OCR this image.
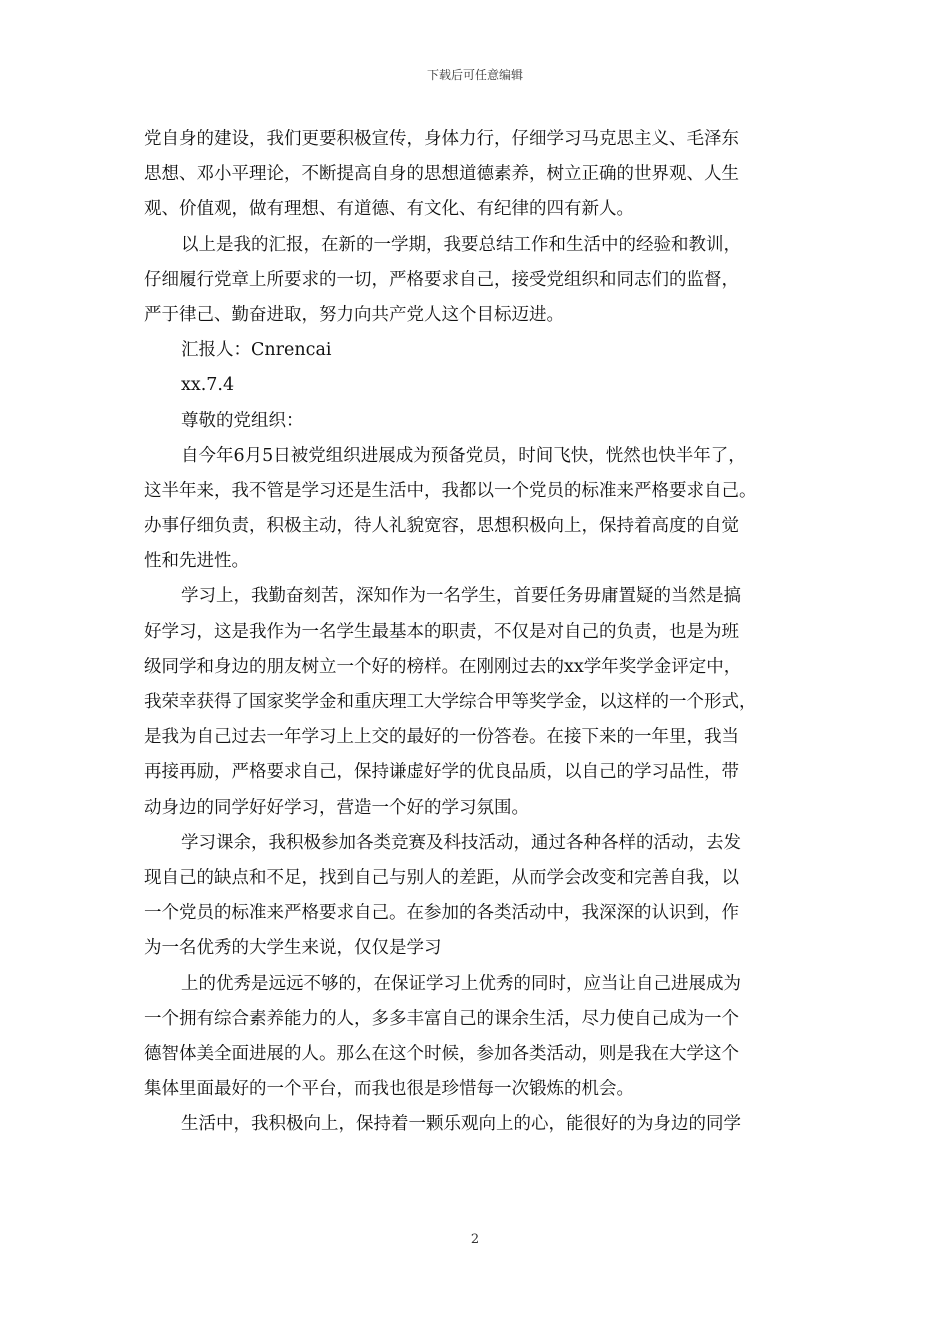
下载后可任意编辑
党自身的建设，我们更要积极宣传，身体力行，仔细学习马克思主义、毛泽东
思想、邓小平理论，不断提高自身的思想道德素养，树立正确的世界观、人生
观、价值观，做有理想、有道德、有文化、有纪律的四有新人。
以上是我的汇报，在新的一学期，我要总结工作和生活中的经验和教训，
仔细履行党章上所要求的一切，严格要求自己，接受党组织和同志们的监督，
严于律己、勤奋进取，努力向共产党人这个目标迈进。
汇报人：Cnrencai
xx.7.4
尊敬的党组织：
自今年6月5日被党组织进展成为预备党员，时间飞快，恍然也快半年了，
这半年来，我不管是学习还是生活中，我都以一个党员的标准来严格要求自己。
办事仔细负责，积极主动，待人礼貌宽容，思想积极向上，保持着高度的自觉
性和先进性。
学习上，我勤奋刻苦，深知作为一名学生，首要任务毋庸置疑的当然是搞
好学习，这是我作为一名学生最基本的职责，不仅是对自己的负责，也是为班
级同学和身边的朋友树立一个好的榜样。在刚刚过去的xx学年奖学金评定中，
我荣幸获得了国家奖学金和重庆理工大学综合甲等奖学金，以这样的一个形式，
是我为自己过去一年学习上上交的最好的一份答卷。在接下来的一年里，我当
再接再励，严格要求自己，保持谦虚好学的优良品质，以自己的学习品性，带
动身边的同学好好学习，营造一个好的学习氛围。
学习课余，我积极参加各类竞赛及科技活动，通过各种各样的活动，去发
现自己的缺点和不足，找到自己与别人的差距，从而学会改变和完善自我，以
一个党员的标准来严格要求自己。在参加的各类活动中，我深深的认识到，作
为一名优秀的大学生来说，仅仅是学习
上的优秀是远远不够的，在保证学习上优秀的同时，应当让自己进展成为
一个拥有综合素养能力的人，多多丰富自己的课余生活，尽力使自己成为一个
德智体美全面进展的人。那么在这个时候，参加各类活动，则是我在大学这个
集体里面最好的一个平台，而我也很是珍惜每一次锻炼的机会。
生活中，我积极向上，保持着一颗乐观向上的心，能很好的为身边的同学
2
